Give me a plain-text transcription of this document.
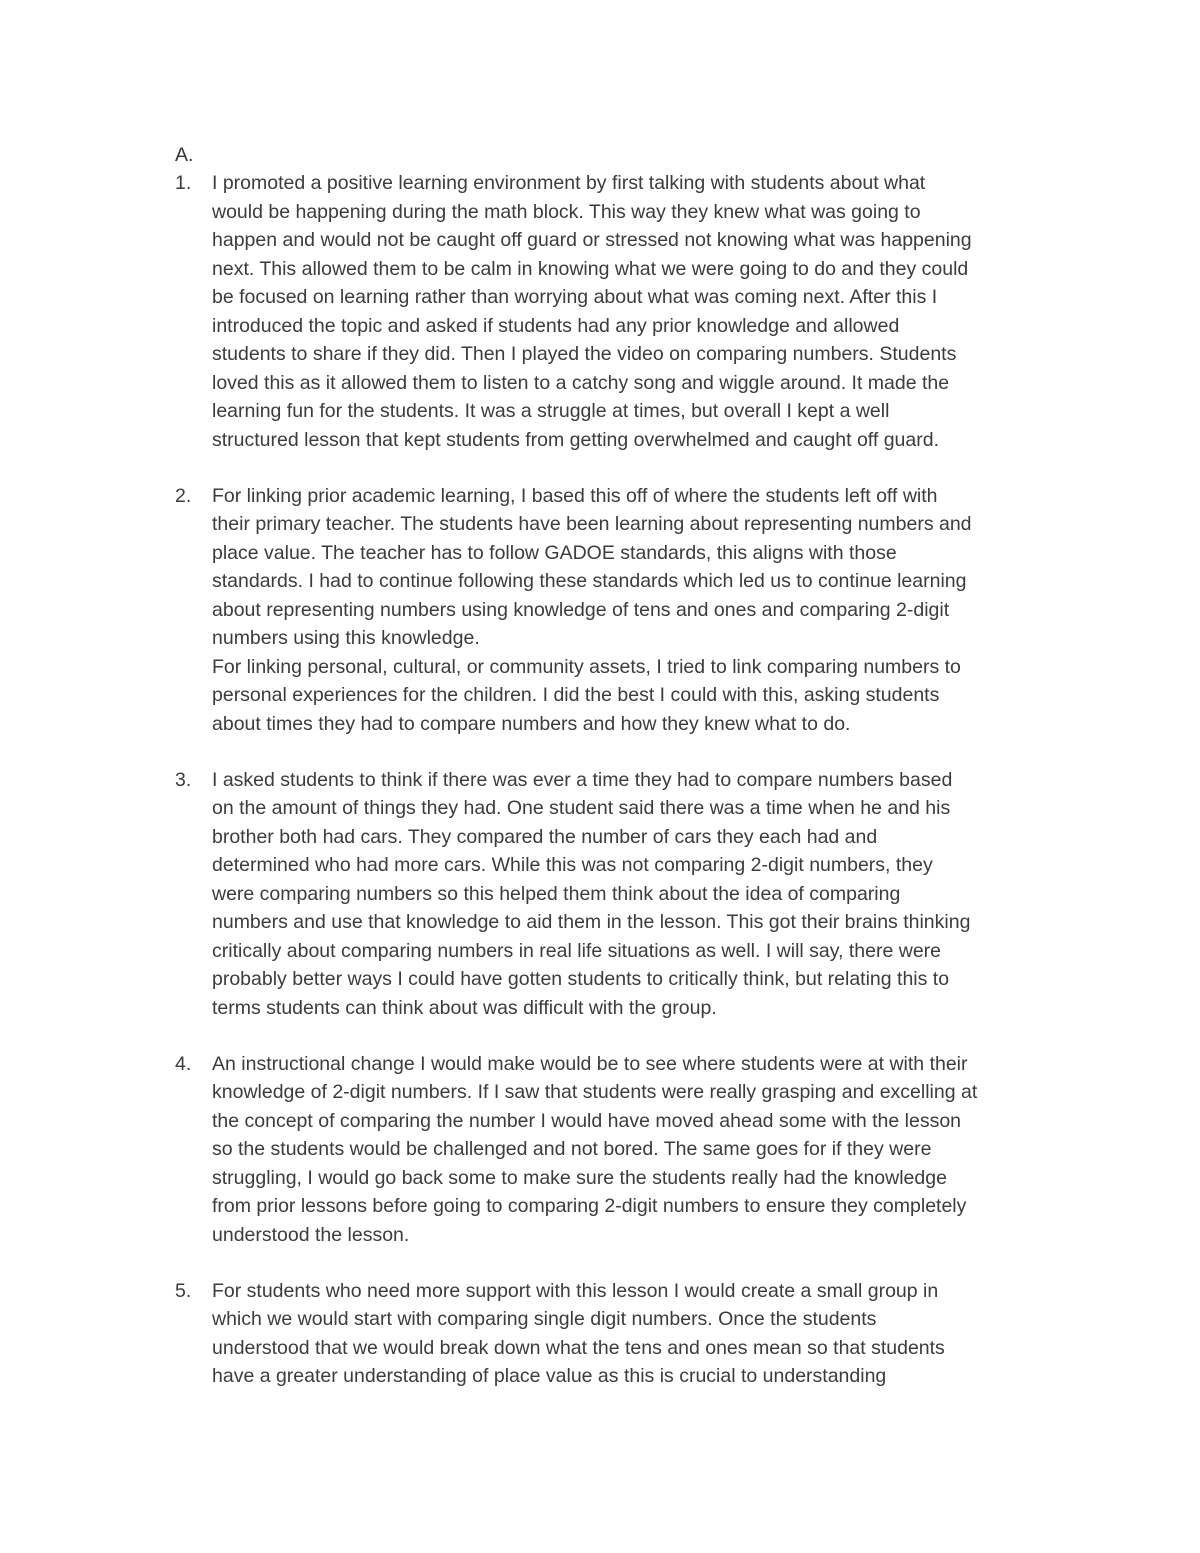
A.
1.	I promoted a positive learning environment by first talking with students about what
would be happening during the math block. This way they knew what was going to
happen and would not be caught off guard or stressed not knowing what was happening
next. This allowed them to be calm in knowing what we were going to do and they could
be focused on learning rather than worrying about what was coming next. After this I
introduced the topic and asked if students had any prior knowledge and allowed
students to share if they did. Then I played the video on comparing numbers. Students
loved this as it allowed them to listen to a catchy song and wiggle around. It made the
learning fun for the students. It was a struggle at times, but overall I kept a well
structured lesson that kept students from getting overwhelmed and caught off guard.

2.	For linking prior academic learning, I based this off of where the students left off with
their primary teacher. The students have been learning about representing numbers and
place value. The teacher has to follow GADOE standards, this aligns with those
standards. I had to continue following these standards which led us to continue learning
about representing numbers using knowledge of tens and ones and comparing 2-digit
numbers using this knowledge.

For linking personal, cultural, or community assets, I tried to link comparing numbers to
personal experiences for the children. I did the best I could with this, asking students
about times they had to compare numbers and how they knew what to do.

3.	I asked students to think if there was ever a time they had to compare numbers based
on the amount of things they had. One student said there was a time when he and his
brother both had cars. They compared the number of cars they each had and
determined who had more cars. While this was not comparing 2-digit numbers, they
were comparing numbers so this helped them think about the idea of comparing
numbers and use that knowledge to aid them in the lesson. This got their brains thinking
critically about comparing numbers in real life situations as well. I will say, there were
probably better ways I could have gotten students to critically think, but relating this to
terms students can think about was difficult with the group.

4.	An instructional change I would make would be to see where students were at with their
knowledge of 2-digit numbers. If I saw that students were really grasping and excelling at
the concept of comparing the number I would have moved ahead some with the lesson
so the students would be challenged and not bored. The same goes for if they were
struggling, I would go back some to make sure the students really had the knowledge
from prior lessons before going to comparing 2-digit numbers to ensure they completely
understood the lesson.

5.	For students who need more support with this lesson I would create a small group in
which we would start with comparing single digit numbers. Once the students
understood that we would break down what the tens and ones mean so that students
have a greater understanding of place value as this is crucial to understanding
